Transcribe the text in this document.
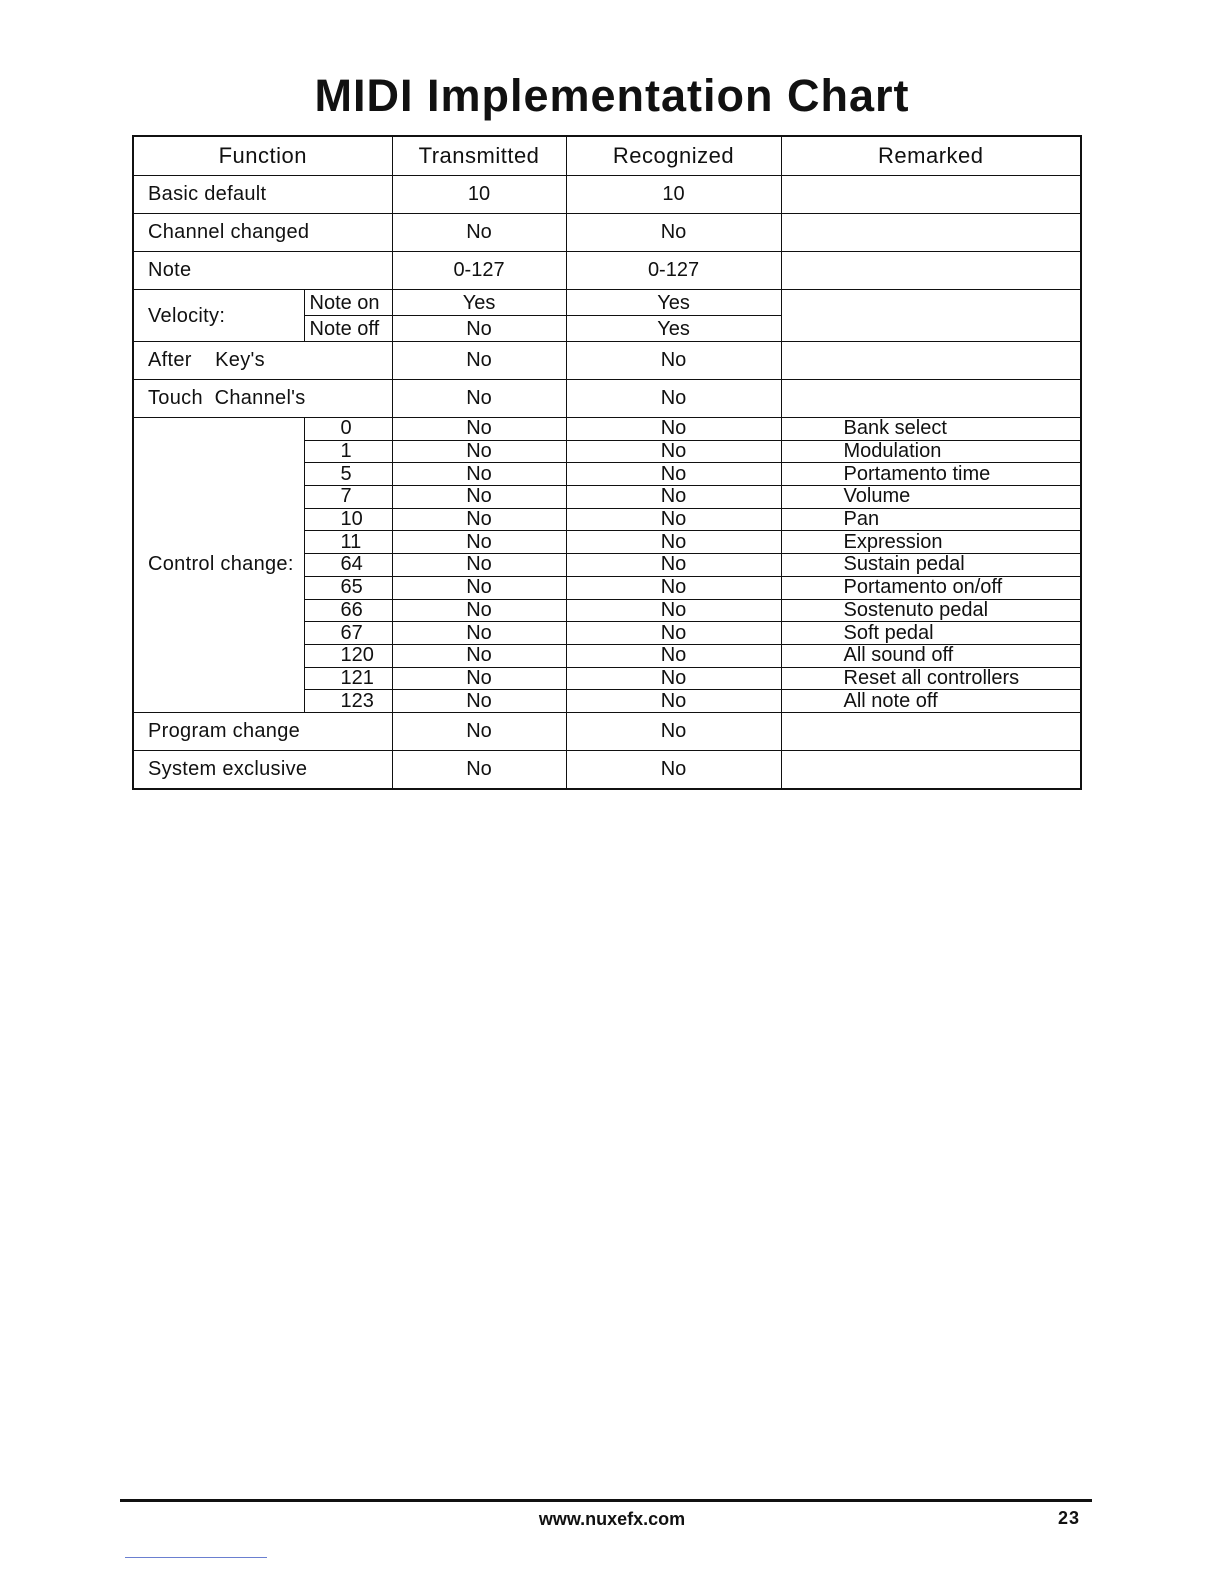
MIDI Implementation Chart
Function		Transmitted	Recognized	Remarked
Basic default		10	10	
Channel changed		No	No	
Note		0-127	0-127	
Velocity:	Note on	Yes	Yes	
	Note off	No	Yes	
After    Key's		No	No	
Touch  Channel's		No	No	
Control change:	0	No	No	Bank select
	1	No	No	Modulation
	5	No	No	Portamento time
	7	No	No	Volume
	10	No	No	Pan
	11	No	No	Expression
	64	No	No	Sustain pedal
	65	No	No	Portamento on/off
	66	No	No	Sostenuto pedal
	67	No	No	Soft pedal
	120	No	No	All sound off
	121	No	No	Reset all controllers
	123	No	No	All note off
Program change		No	No	
System exclusive		No	No	
www.nuxefx.com	23
